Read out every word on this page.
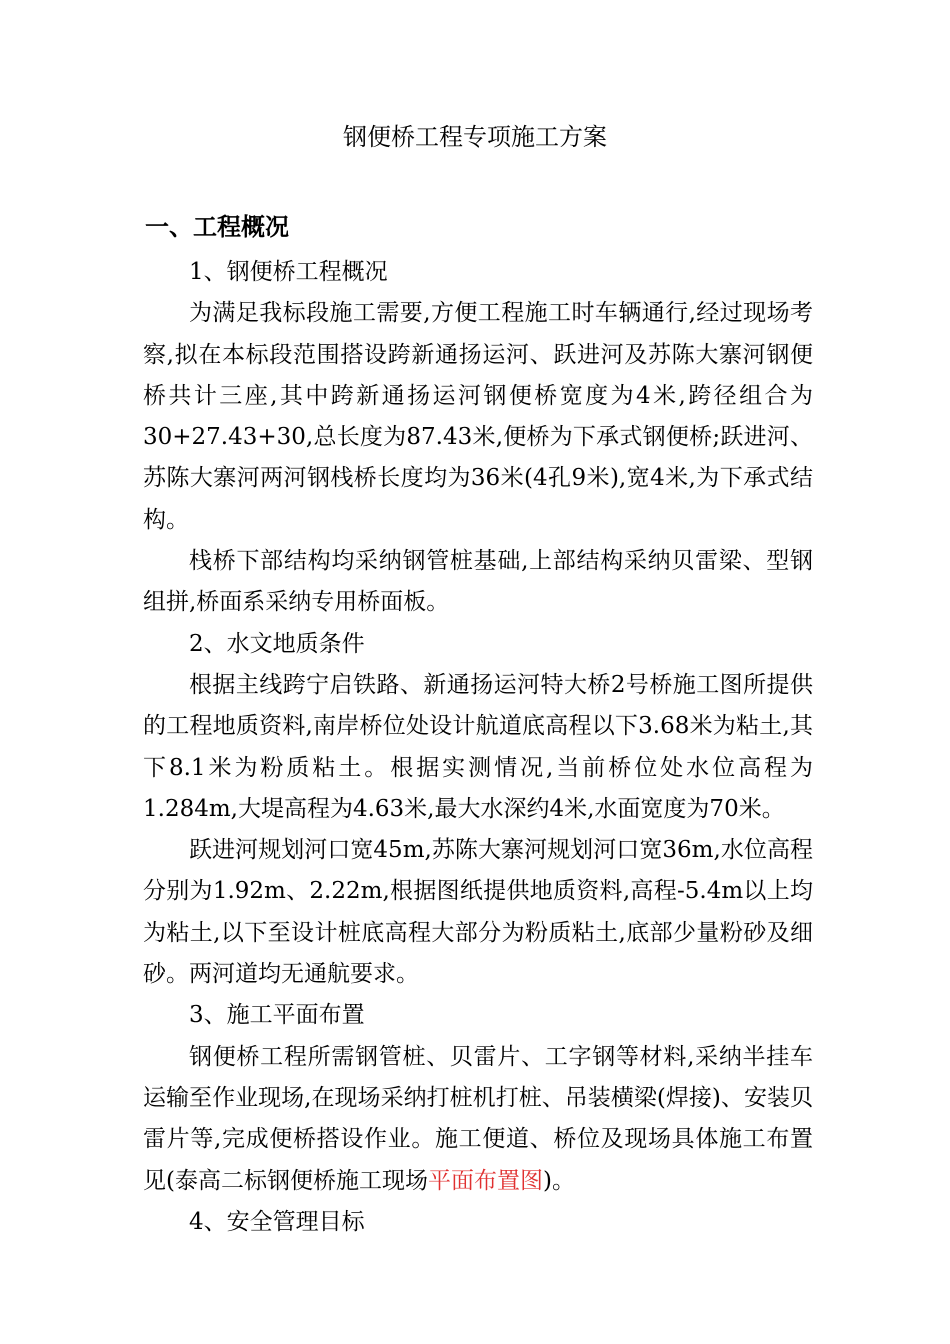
钢便桥工程专项施工方案
一、工程概况

1、钢便桥工程概况

为满足我标段施工需要,方便工程施工时车辆通行,经过现场考察,拟在本标段范围搭设跨新通扬运河、跃进河及苏陈大寨河钢便桥共计三座,其中跨新通扬运河钢便桥宽度为4米,跨径组合为30+27.43+30,总长度为87.43米,便桥为下承式钢便桥;跃进河、苏陈大寨河两河钢栈桥长度均为36米(4孔9米),宽4米,为下承式结构。

栈桥下部结构均采纳钢管桩基础,上部结构采纳贝雷梁、型钢组拼,桥面系采纳专用桥面板。

2、水文地质条件

根据主线跨宁启铁路、新通扬运河特大桥2号桥施工图所提供的工程地质资料,南岸桥位处设计航道底高程以下3.68米为粘土,其下8.1米为粉质粘土。根据实测情况,当前桥位处水位高程为1.284m,大堤高程为4.63米,最大水深约4米,水面宽度为70米。

跃进河规划河口宽45m,苏陈大寨河规划河口宽36m,水位高程分别为1.92m、2.22m,根据图纸提供地质资料,高程-5.4m以上均为粘土,以下至设计桩底高程大部分为粉质粘土,底部少量粉砂及细砂。两河道均无通航要求。

3、施工平面布置

钢便桥工程所需钢管桩、贝雷片、工字钢等材料,采纳半挂车运输至作业现场,在现场采纳打桩机打桩、吊装横梁(焊接)、安装贝雷片等,完成便桥搭设作业。施工便道、桥位及现场具体施工布置见(泰高二标钢便桥施工现场平面布置图)。

4、安全管理目标
